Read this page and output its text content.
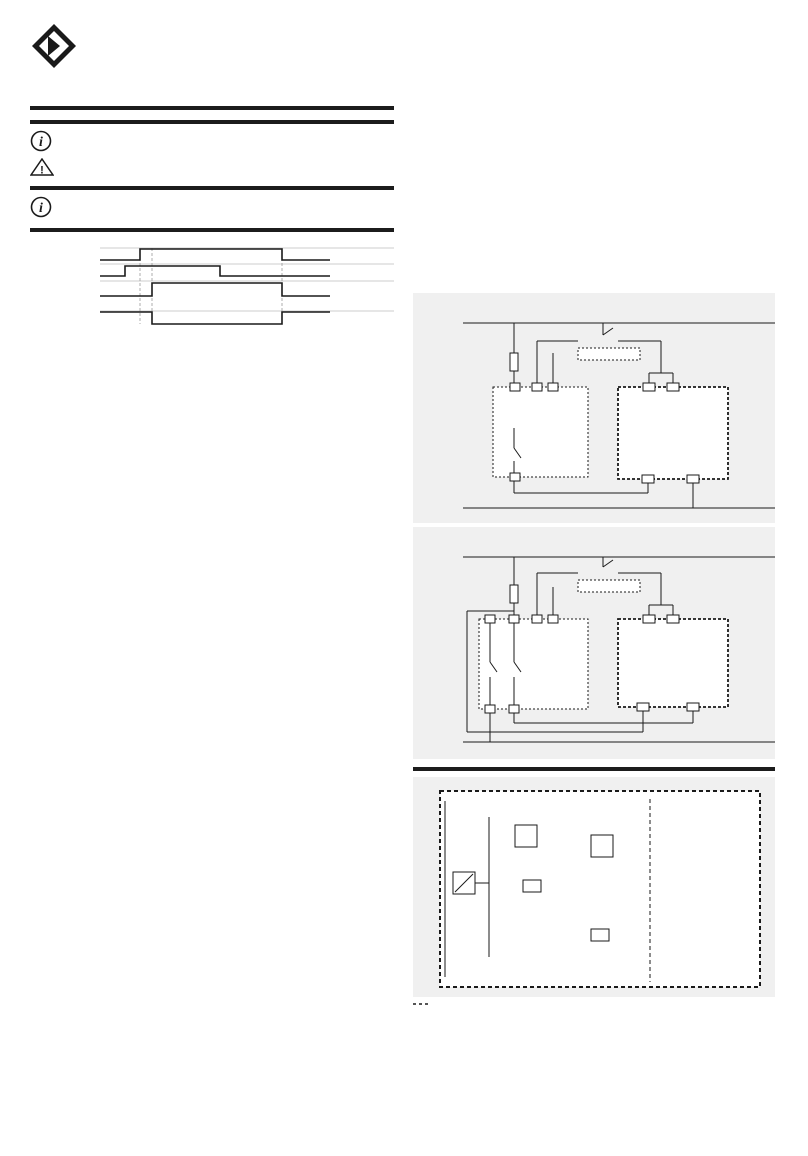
i

!

i
